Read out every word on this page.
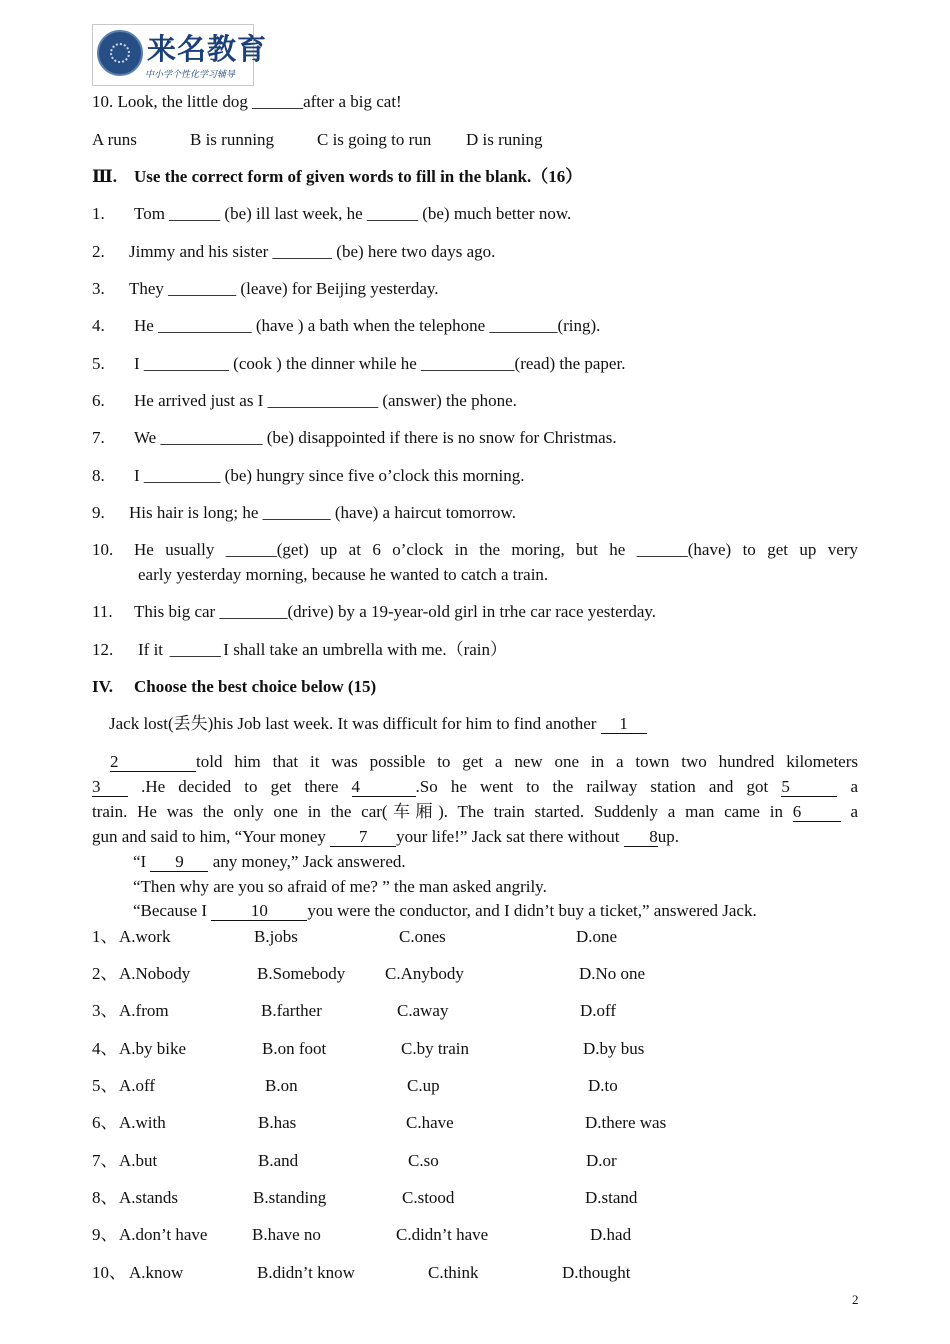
来名教育
中小学个性化学习辅导
10. Look, the little dog ______after a big cat!
A runs	B is running	C is going to run D is runing
Ⅲ. Use the correct form of given words to fill in the blank.（16）
1. Tom ______ (be) ill last week, he ______ (be) much better now.
2. Jimmy and his sister _______ (be) here two days ago.
3. They ________ (leave) for Beijing yesterday.
4. He ___________ (have ) a bath when the telephone ________(ring).
5. I __________ (cook ) the dinner while he ___________(read) the paper.
6. He arrived just as I _____________ (answer) the phone.
7. We ____________ (be) disappointed if there is no snow for Christmas.
8. I _________ (be) hungry since five o’clock this morning.
9. His hair is long; he ________ (have) a haircut tomorrow.
10. He usually ______(get) up at 6 o’clock in the moring, but he ______(have) to get up very
early yesterday morning, because he wanted to catch a train.
11. This big car ________(drive) by a 19-year-old girl in trhe car race yesterday.
12. If it ______ I shall take an umbrella with me.（rain）
IV. Choose the best choice below (15)
Jack lost(丢失)his Job last week. It was difficult for him to find another 1
2	told him that it was possible to get a new one in a town two hundred kilometers
3 .He decided to get there 4	.So he went to the railway station and got 5	a
train. He was the only one in the car(车厢). The train started. Suddenly a man came in 6	a
gun and said to him, “Your money 7 your life!” Jack sat there without 8up.
“I 9 any money,” Jack answered.
“Then why are you so afraid of me? ” the man asked angrily.
“Because I 10 you were the conductor, and I didn’t buy a ticket,” answered Jack.
1、 A.work	B.jobs	C.ones	D.one
2、 A.Nobody	B.Somebody C.Anybody	D.No one
3、 A.from	B.farther	C.away	D.off
4、 A.by bike	B.on foot	C.by train	D.by bus
5、 A.off	B.on	C.up	D.to
6、 A.with	B.has	C.have	D.there was
7、 A.but	B.and	C.so	D.or
8、 A.stands	B.standing	C.stood	D.stand
9、 A.don’t have	B.have no	C.didn’t have	D.had
10、 A.know	B.didn’t know	C.think	D.thought
2
